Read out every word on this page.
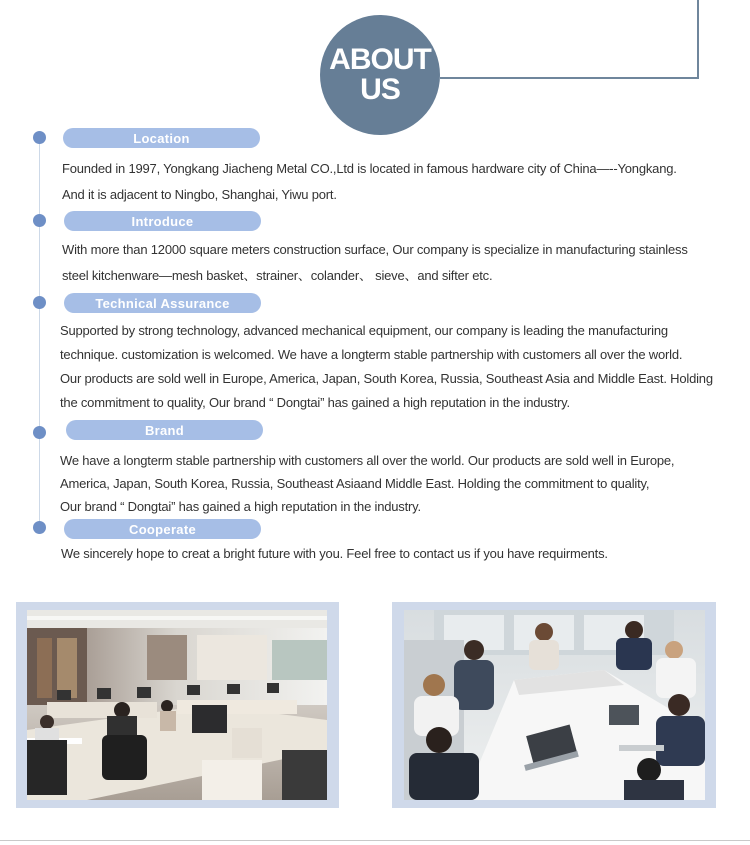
ABOUT
US
Location

Founded in 1997, Yongkang Jiacheng Metal CO.,Ltd is located in famous hardware city of China—--Yongkang.

And it is adjacent to Ningbo, Shanghai, Yiwu port.

Introduce

With more than 12000 square meters construction surface, Our company is specialize in manufacturing stainless

steel kitchenware—mesh basket、strainer、colander、 sieve、and sifter etc.

Technical Assurance

Supported by strong technology, advanced mechanical equipment, our company is leading the manufacturing

technique. customization is welcomed. We have a longterm stable partnership with customers all over the world.

Our products are sold well in Europe, America, Japan, South Korea, Russia, Southeast Asia and Middle East. Holding

the commitment to quality, Our brand “ Dongtai” has gained a high reputation in the industry.

Brand

We have a longterm stable partnership with customers all over the world. Our products are sold well in Europe,

America, Japan, South Korea, Russia, Southeast Asiaand Middle East. Holding the commitment to quality,

Our brand “ Dongtai” has gained a high reputation in the industry.

Cooperate

We sincerely hope to creat a bright future with you. Feel free to contact us if you have requirments.
